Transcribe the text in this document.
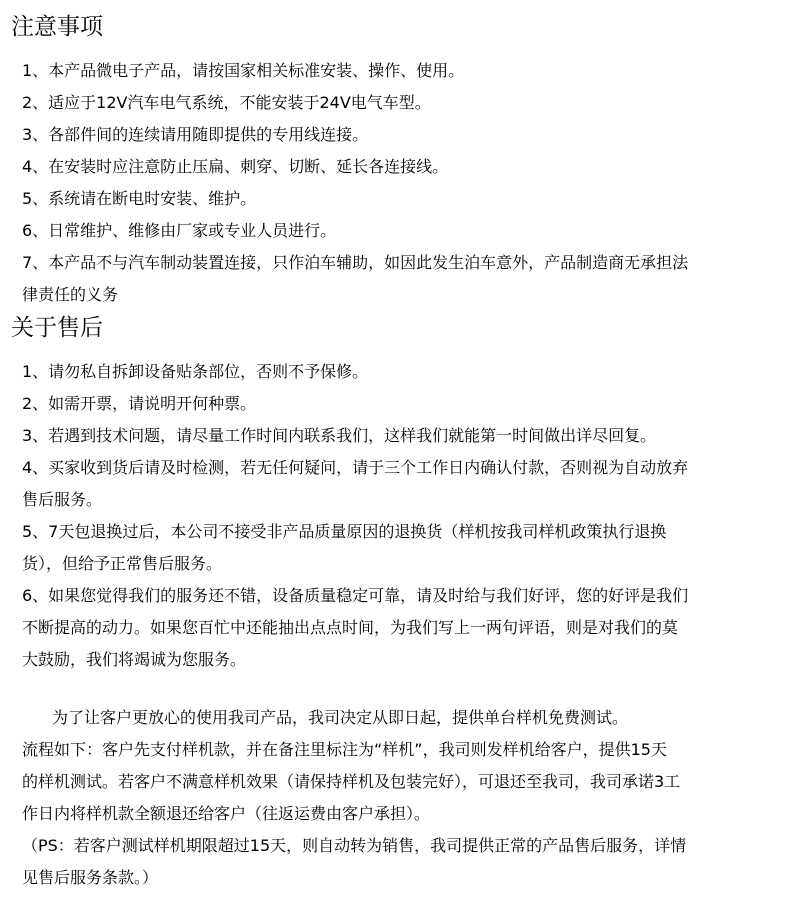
注意事项
1、本产品微电子产品，请按国家相关标准安装、操作、使用。
2、适应于12V汽车电气系统，不能安装于24V电气车型。
3、各部件间的连续请用随即提供的专用线连接。
4、在安装时应注意防止压扁、刺穿、切断、延长各连接线。
5、系统请在断电时安装、维护。
6、日常维护、维修由厂家或专业人员进行。
7、本产品不与汽车制动装置连接，只作泊车辅助，如因此发生泊车意外，产品制造商无承担法
律责任的义务
关于售后
1、请勿私自拆卸设备贴条部位，否则不予保修。
2、如需开票，请说明开何种票。
3、若遇到技术问题，请尽量工作时间内联系我们，这样我们就能第一时间做出详尽回复。
4、买家收到货后请及时检测，若无任何疑问，请于三个工作日内确认付款，否则视为自动放弃
售后服务。
5、7天包退换过后，本公司不接受非产品质量原因的退换货（样机按我司样机政策执行退换
货），但给予正常售后服务。
6、如果您觉得我们的服务还不错，设备质量稳定可靠，请及时给与我们好评，您的好评是我们
不断提高的动力。如果您百忙中还能抽出点点时间，为我们写上一两句评语，则是对我们的莫
大鼓励，我们将竭诚为您服务。

为了让客户更放心的使用我司产品，我司决定从即日起，提供单台样机免费测试。

流程如下：客户先支付样机款，并在备注里标注为“样机”，我司则发样机给客户，提供15天

的样机测试。若客户不满意样机效果（请保持样机及包装完好），可退还至我司，我司承诺3工

作日内将样机款全额退还给客户（往返运费由客户承担）。

（PS：若客户测试样机期限超过15天，则自动转为销售，我司提供正常的产品售后服务，详情

见售后服务条款。）
